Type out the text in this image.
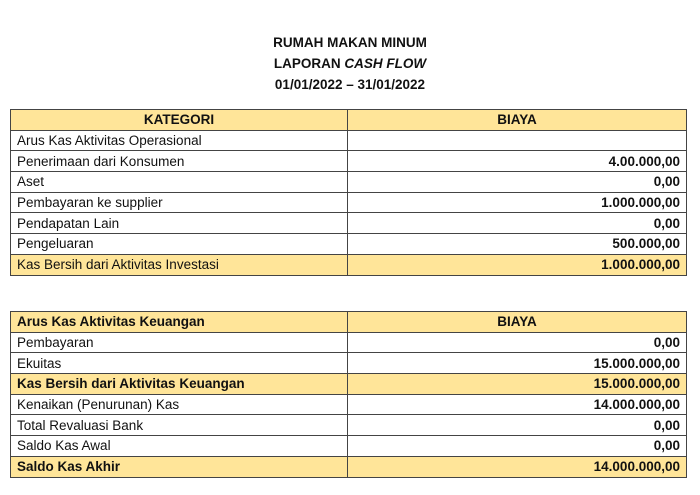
RUMAH MAKAN MINUM
LAPORAN CASH FLOW
01/01/2022 – 31/01/2022
KATEGORI	BIAYA
Arus Kas Aktivitas Operasional	
Penerimaan dari Konsumen	4.00.000,00
Aset	0,00
Pembayaran ke supplier	1.000.000,00
Pendapatan Lain	0,00
Pengeluaran	500.000,00
Kas Bersih dari Aktivitas Investasi	1.000.000,00
Arus Kas Aktivitas Keuangan	BIAYA
Pembayaran	0,00
Ekuitas	15.000.000,00
Kas Bersih dari Aktivitas Keuangan	15.000.000,00
Kenaikan (Penurunan) Kas	14.000.000,00
Total Revaluasi Bank	0,00
Saldo Kas Awal	0,00
Saldo Kas Akhir	14.000.000,00
